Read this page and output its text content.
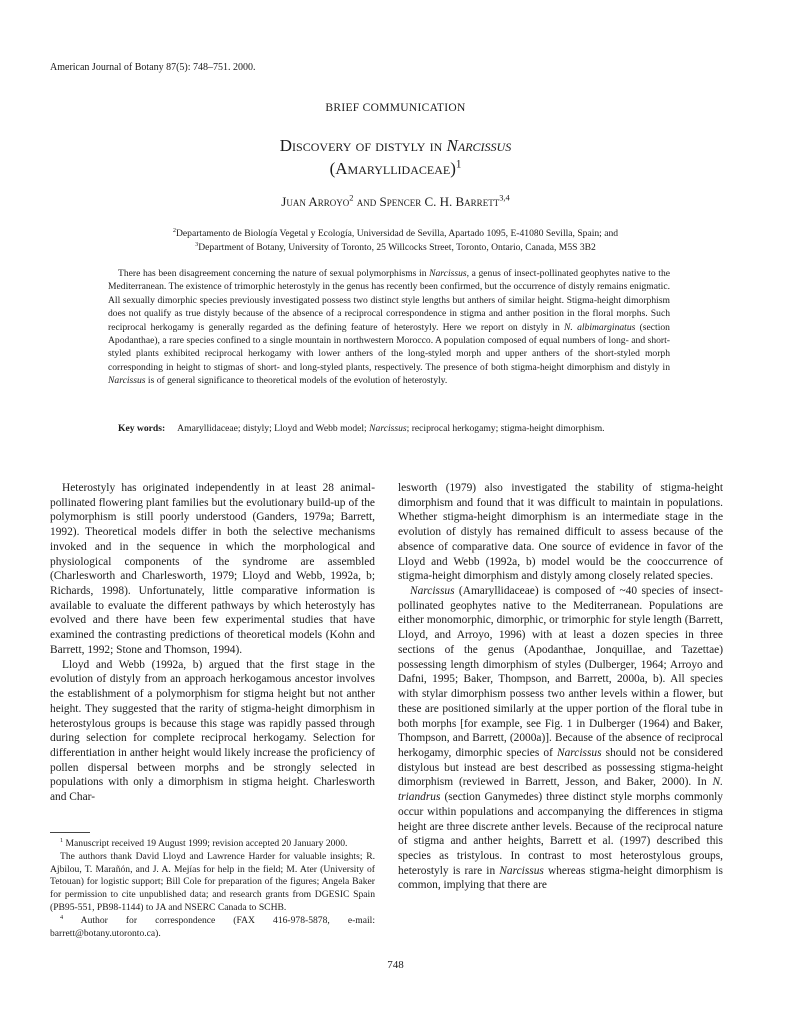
American Journal of Botany 87(5): 748–751. 2000.
BRIEF COMMUNICATION
Discovery of distyly in Narcissus
(Amaryllidaceae)$^1$
Juan Arroyo$^2$ and Spencer C. H. Barrett$^{3,4}$
$^2$Departamento de Biología Vegetal y Ecología, Universidad de Sevilla, Apartado 1095, E-41080 Sevilla, Spain; and
$^3$Department of Botany, University of Toronto, 25 Willcocks Street, Toronto, Ontario, Canada, M5S 3B2
There has been disagreement concerning the nature of sexual polymorphisms in Narcissus, a genus of insect-pollinated geophytes native to the Mediterranean. The existence of trimorphic heterostyly in the genus has recently been confirmed, but the occurrence of distyly remains enigmatic. All sexually dimorphic species previously investigated possess two distinct style lengths but anthers of similar height. Stigma-height dimorphism does not qualify as true distyly because of the absence of a reciprocal correspondence in stigma and anther position in the floral morphs. Such reciprocal herkogamy is generally regarded as the defining feature of heterostyly. Here we report on distyly in N. albimarginatus (section Apodanthae), a rare species confined to a single mountain in northwestern Morocco. A population composed of equal numbers of long- and short-styled plants exhibited reciprocal herkogamy with lower anthers of the long-styled morph and upper anthers of the short-styled morph corresponding in height to stigmas of short- and long-styled plants, respectively. The presence of both stigma-height dimorphism and distyly in Narcissus is of general significance to theoretical models of the evolution of heterostyly.
Key words: Amaryllidaceae; distyly; Lloyd and Webb model; Narcissus; reciprocal herkogamy; stigma-height dimorphism.

Heterostyly has originated independently in at least 28 animal-pollinated flowering plant families but the evolutionary build-up of the polymorphism is still poorly understood (Ganders, 1979a; Barrett, 1992). Theoretical models differ in both the selective mechanisms invoked and in the sequence in which the morphological and physiological components of the syndrome are assembled (Charlesworth and Charlesworth, 1979; Lloyd and Webb, 1992a, b; Richards, 1998). Unfortunately, little comparative information is available to evaluate the different pathways by which heterostyly has evolved and there have been few experimental studies that have examined the contrasting predictions of theoretical models (Kohn and Barrett, 1992; Stone and Thomson, 1994).

Lloyd and Webb (1992a, b) argued that the first stage in the evolution of distyly from an approach herkogamous ancestor involves the establishment of a polymorphism for stigma height but not anther height. They suggested that the rarity of stigma-height dimorphism in heterostylous groups is because this stage was rapidly passed through during selection for complete reciprocal herkogamy. Selection for differentiation in anther height would likely increase the proficiency of pollen dispersal between morphs and be strongly selected in populations with only a dimorphism in stigma height. Charlesworth and Char-

$^1$ Manuscript received 19 August 1999; revision accepted 20 January 2000.

The authors thank David Lloyd and Lawrence Harder for valuable insights; R. Ajbilou, T. Marañón, and J. A. Mejías for help in the field; M. Ater (University of Tetouan) for logistic support; Bill Cole for preparation of the figures; Angela Baker for permission to cite unpublished data; and research grants from DGESIC Spain (PB95-551, PB98-1144) to JA and NSERC Canada to SCHB.

$^4$ Author for correspondence (FAX 416-978-5878, e-mail: barrett@botany.utoronto.ca).

lesworth (1979) also investigated the stability of stigma-height dimorphism and found that it was difficult to maintain in populations. Whether stigma-height dimorphism is an intermediate stage in the evolution of distyly has remained difficult to assess because of the absence of comparative data. One source of evidence in favor of the Lloyd and Webb (1992a, b) model would be the cooccurrence of stigma-height dimorphism and distyly among closely related species.

Narcissus (Amaryllidaceae) is composed of ~40 species of insect-pollinated geophytes native to the Mediterranean. Populations are either monomorphic, dimorphic, or trimorphic for style length (Barrett, Lloyd, and Arroyo, 1996) with at least a dozen species in three sections of the genus (Apodanthae, Jonquillae, and Tazettae) possessing length dimorphism of styles (Dulberger, 1964; Arroyo and Dafni, 1995; Baker, Thompson, and Barrett, 2000a, b). All species with stylar dimorphism possess two anther levels within a flower, but these are positioned similarly at the upper portion of the floral tube in both morphs [for example, see Fig. 1 in Dulberger (1964) and Baker, Thompson, and Barrett, (2000a)]. Because of the absence of reciprocal herkogamy, dimorphic species of Narcissus should not be considered distylous but instead are best described as possessing stigma-height dimorphism (reviewed in Barrett, Jesson, and Baker, 2000). In N. triandrus (section Ganymedes) three distinct style morphs commonly occur within populations and accompanying the differences in stigma height are three discrete anther levels. Because of the reciprocal nature of stigma and anther heights, Barrett et al. (1997) described this species as tristylous. In contrast to most heterostylous groups, heterostyly is rare in Narcissus whereas stigma-height dimorphism is common, implying that there are

748
